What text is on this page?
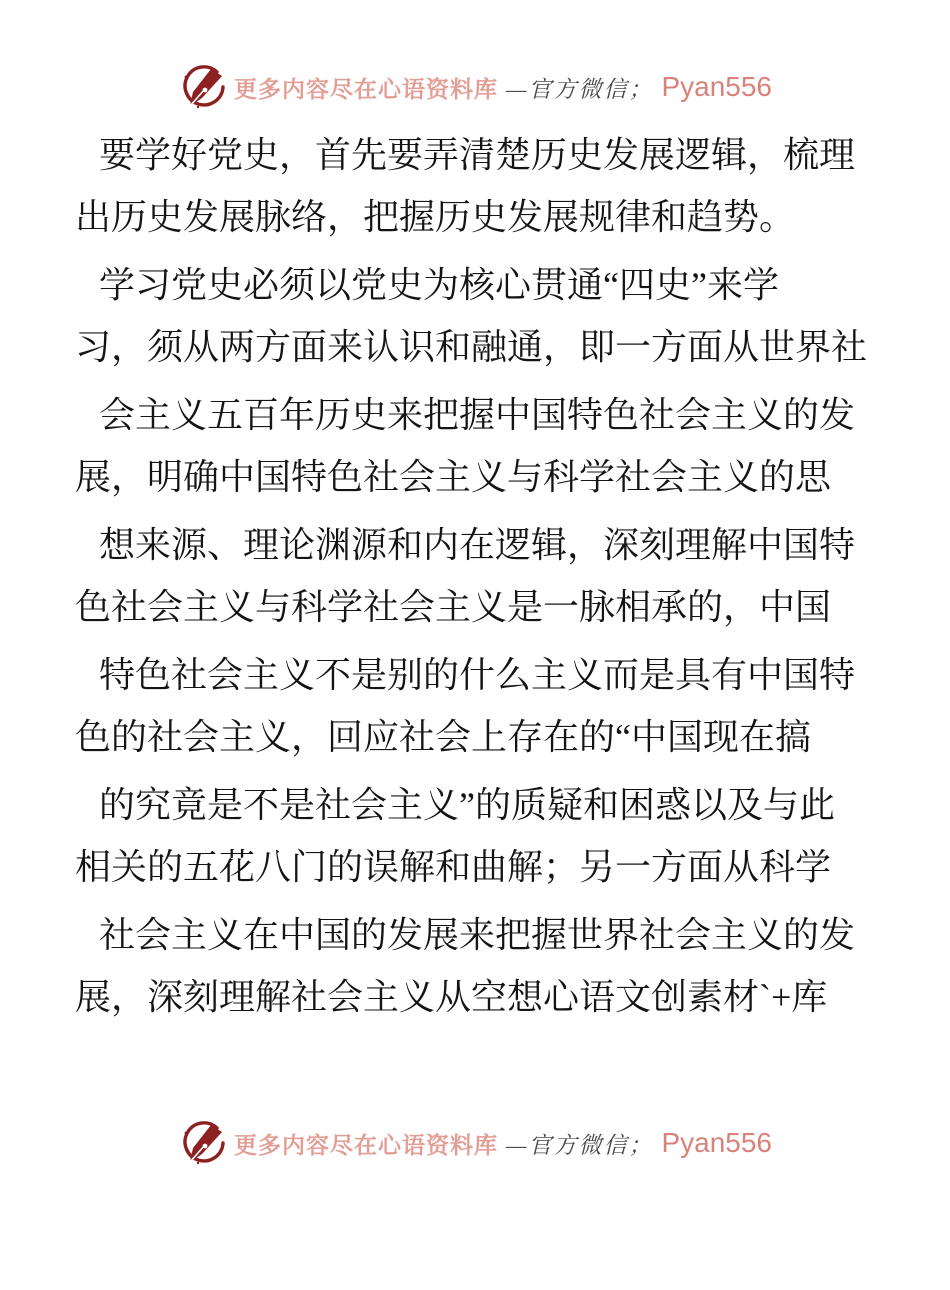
更多内容尽在心语资料库 —官方微信； Pyan556

要学好党史，首先要弄清楚历史发展逻辑，梳理
出历史发展脉络，把握历史发展规律和趋势。

学习党史必须以党史为核心贯通“四史”来学
习，须从两方面来认识和融通，即一方面从世界社

会主义五百年历史来把握中国特色社会主义的发
展，明确中国特色社会主义与科学社会主义的思

想来源、理论渊源和内在逻辑，深刻理解中国特
色社会主义与科学社会主义是一脉相承的，中国

特色社会主义不是别的什么主义而是具有中国特
色的社会主义，回应社会上存在的“中国现在搞

的究竟是不是社会主义”的质疑和困惑以及与此
相关的五花八门的误解和曲解；另一方面从科学

社会主义在中国的发展来把握世界社会主义的发
展，深刻理解社会主义从空想心语文创素材`+库

更多内容尽在心语资料库 —官方微信； Pyan556
